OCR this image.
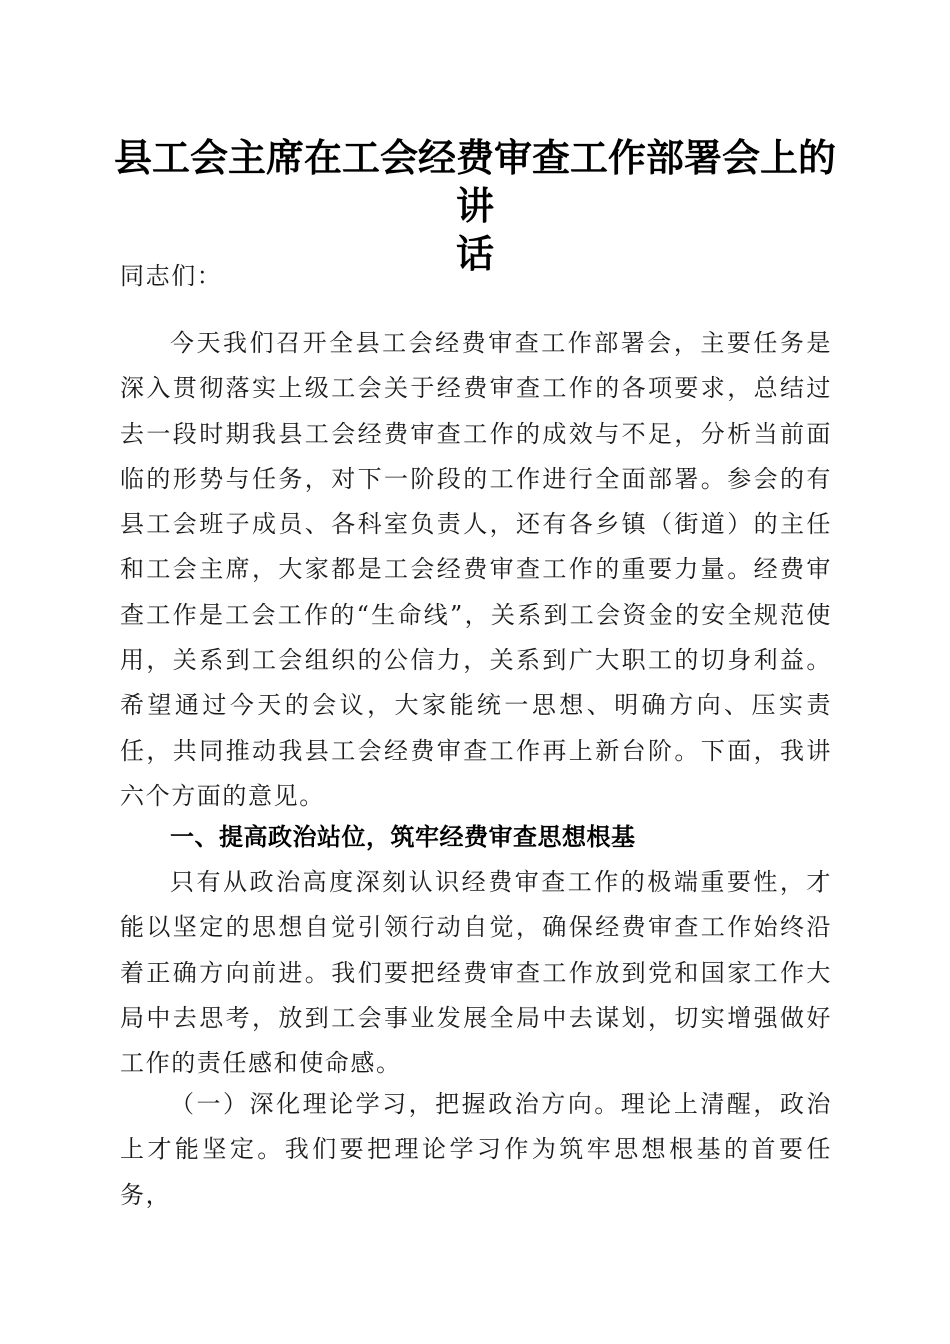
县工会主席在工会经费审查工作部署会上的讲
话
同志们：

今天我们召开全县工会经费审查工作部署会，主要任务是深入贯彻落实上级工会关于经费审查工作的各项要求，总结过去一段时期我县工会经费审查工作的成效与不足，分析当前面临的形势与任务，对下一阶段的工作进行全面部署。参会的有县工会班子成员、各科室负责人，还有各乡镇（街道）的主任和工会主席，大家都是工会经费审查工作的重要力量。经费审查工作是工会工作的“生命线”，关系到工会资金的安全规范使用，关系到工会组织的公信力，关系到广大职工的切身利益。希望通过今天的会议，大家能统一思想、明确方向、压实责任，共同推动我县工会经费审查工作再上新台阶。下面，我讲六个方面的意见。

一、提高政治站位，筑牢经费审查思想根基

只有从政治高度深刻认识经费审查工作的极端重要性，才能以坚定的思想自觉引领行动自觉，确保经费审查工作始终沿着正确方向前进。我们要把经费审查工作放到党和国家工作大局中去思考，放到工会事业发展全局中去谋划，切实增强做好工作的责任感和使命感。

（一）深化理论学习，把握政治方向。理论上清醒，政治上才能坚定。我们要把理论学习作为筑牢思想根基的首要任务，
